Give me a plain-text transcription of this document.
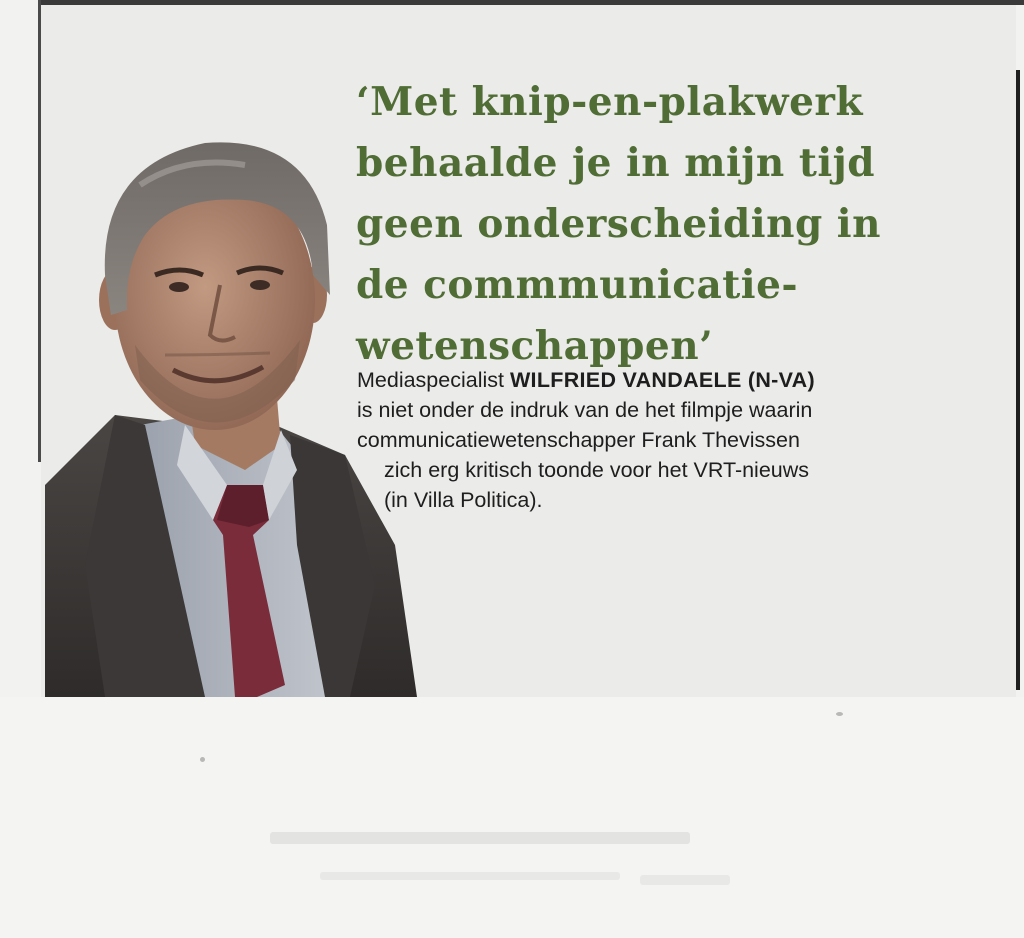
‘Met knip-en-plakwerk
behaalde je in mijn tijd
geen onderscheiding in
de commmunicatie-
wetenschappen’
Mediaspecialist WILFRIED VANDAELE (N-VA)
is niet onder de indruk van de het filmpje waarin
communicatiewetenschapper Frank Thevissen
zich erg kritisch toonde voor het VRT-nieuws
(in Villa Politica).
